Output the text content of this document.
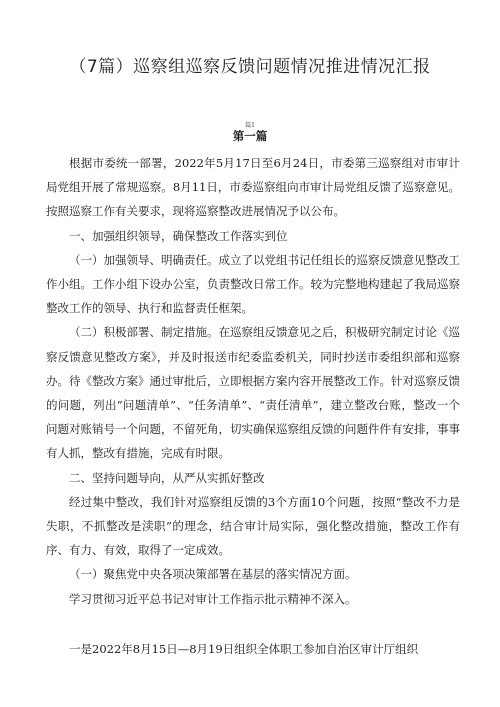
（7篇）巡察组巡察反馈问题情况推进情况汇报
篇1
第一篇

根据市委统一部署，2022年5月17日至6月24日，市委第三巡察组对市审计局党组开展了常规巡察。8月11日，市委巡察组向市审计局党组反馈了巡察意见。按照巡察工作有关要求，现将巡察整改进展情况予以公布。

一、加强组织领导，确保整改工作落实到位

（一）加强领导、明确责任。成立了以党组书记任组长的巡察反馈意见整改工作小组。工作小组下设办公室，负责整改日常工作。较为完整地构建起了我局巡察整改工作的领导、执行和监督责任框架。

（二）积极部署、制定措施。在巡察组反馈意见之后，积极研究制定讨论《巡察反馈意见整改方案》，并及时报送市纪委监委机关，同时抄送市委组织部和巡察办。待《整改方案》通过审批后，立即根据方案内容开展整改工作。针对巡察反馈的问题，列出“问题清单”、“任务清单”、“责任清单”，建立整改台账，整改一个问题对账销号一个问题，不留死角，切实确保巡察组反馈的问题件件有安排，事事有人抓，整改有措施，完成有时限。

二、坚持问题导向，从严从实抓好整改

经过集中整改，我们针对巡察组反馈的3个方面10个问题，按照“整改不力是失职，不抓整改是渎职”的理念，结合审计局实际，强化整改措施，整改工作有序、有力、有效，取得了一定成效。

（一）聚焦党中央各项决策部署在基层的落实情况方面。

学习贯彻习近平总书记对审计工作指示批示精神不深入。

一是2022年8月15日—8月19日组织全体职工参加自治区审计厅组织
